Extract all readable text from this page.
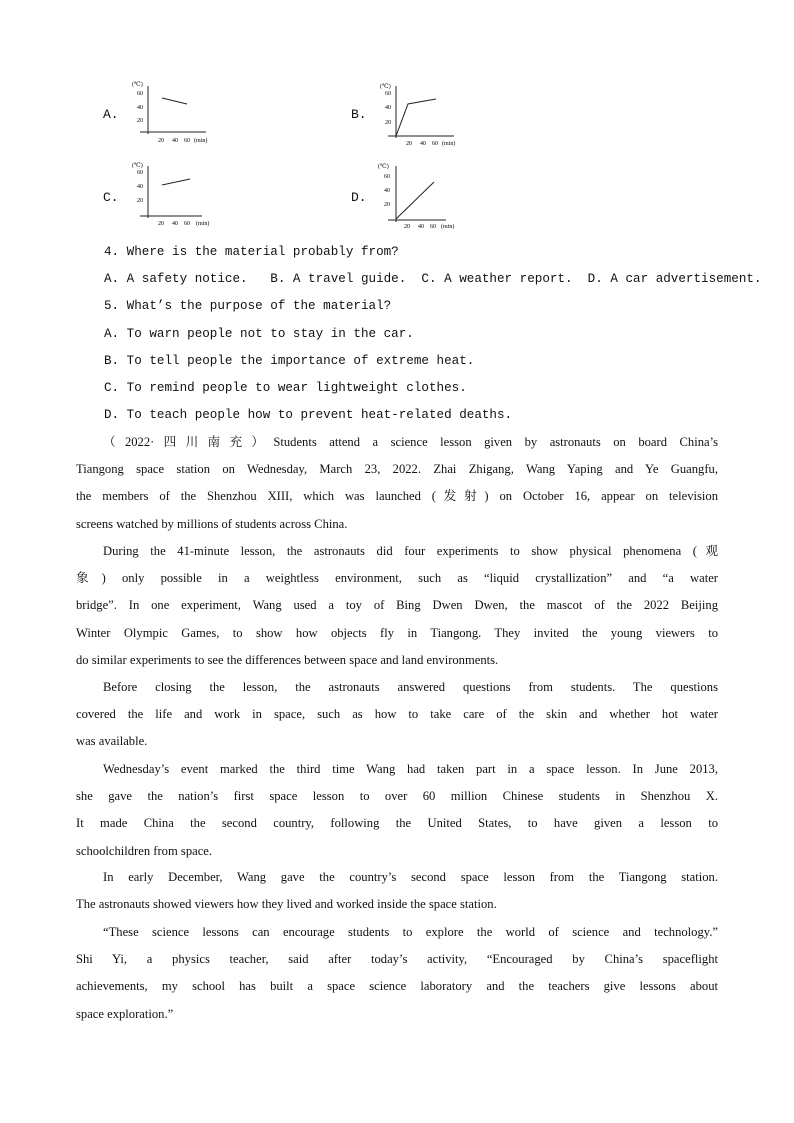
A.	B.
C.	D.
(℃)
60
40
20
20 40 60 (min)
(℃)
60
40
20
20 40 60 (min)
(℃)
60
40
20
20 40 60 (min)
(℃)
60
40
20
20 40 60 (min)
4. Where is the material probably from?
A. A safety notice.   B. A travel guide.  C. A weather report.  D. A car advertisement.
5. What’s the purpose of the material?
A. To warn people not to stay in the car.
B. To tell people the importance of extreme heat.
C. To remind people to wear lightweight clothes.
D. To teach people how to prevent heat-related deaths.
（2022·四川南充）Students attend a science lesson given by astronauts on board China’s
Tiangong space station on Wednesday, March 23, 2022. Zhai Zhigang, Wang Yaping and Ye Guangfu,
the members of the Shenzhou XIII, which was launched (发射) on October 16, appear on television
screens watched by millions of students across China.
During the 41-minute lesson, the astronauts did four experiments to show physical phenomena (观
象) only possible in a weightless environment, such as “liquid crystallization” and “a water
bridge”. In one experiment, Wang used a toy of Bing Dwen Dwen, the mascot of the 2022 Beijing
Winter Olympic Games, to show how objects fly in Tiangong. They invited the young viewers to
do similar experiments to see the differences between space and land environments.
Before closing the lesson, the astronauts answered questions from students. The questions
covered the life and work in space, such as how to take care of the skin and whether hot water
was available.
Wednesday’s event marked the third time Wang had taken part in a space lesson. In June 2013,
she gave the nation’s first space lesson to over 60 million Chinese students in Shenzhou X.
It made China the second country, following the United States, to have given a lesson to
schoolchildren from space.
In early December, Wang gave the country’s second space lesson from the Tiangong station.
The astronauts showed viewers how they lived and worked inside the space station.
“These science lessons can encourage students to explore the world of science and technology.”
Shi Yi, a physics teacher, said after today’s activity, “Encouraged by China’s spaceflight
achievements, my school has built a space science laboratory and the teachers give lessons about
space exploration.”
